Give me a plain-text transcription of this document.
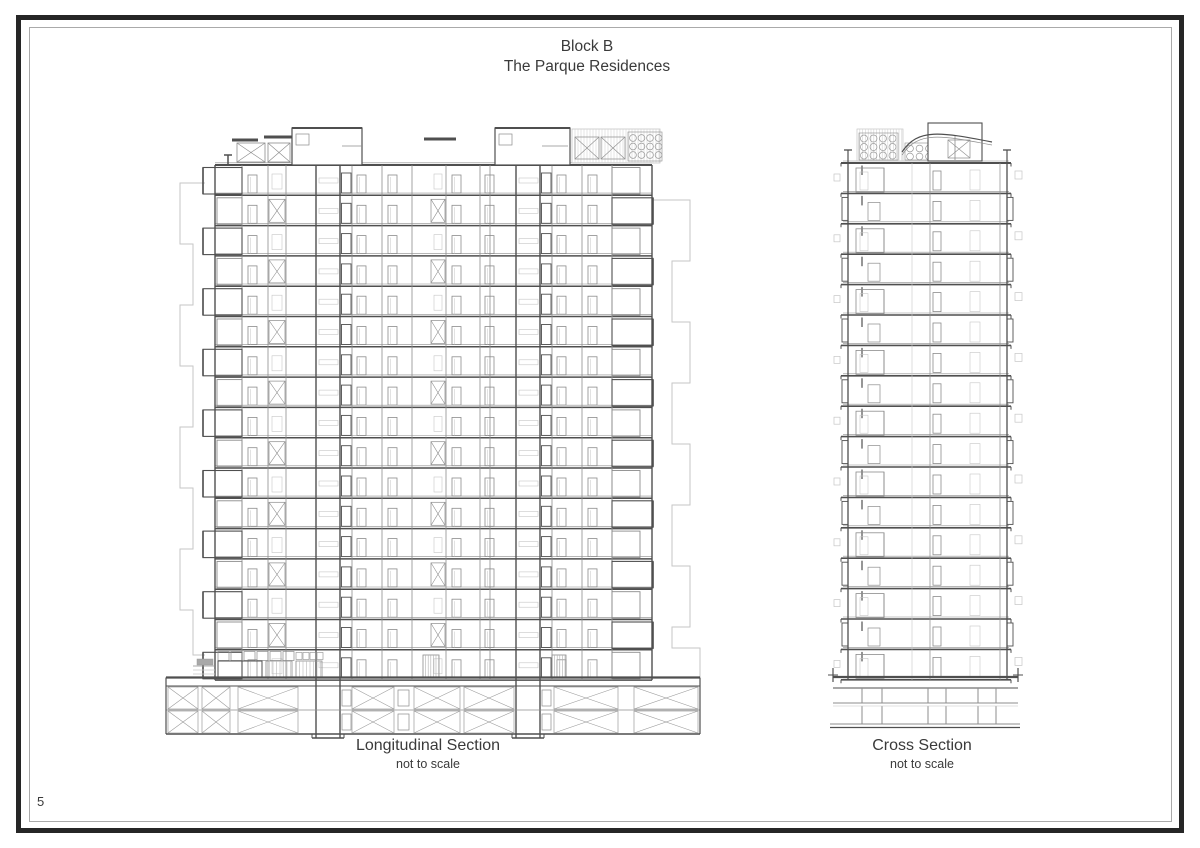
Block B
The Parque Residences
Longitudinal Section
not to scale
Cross Section
not to scale
5
